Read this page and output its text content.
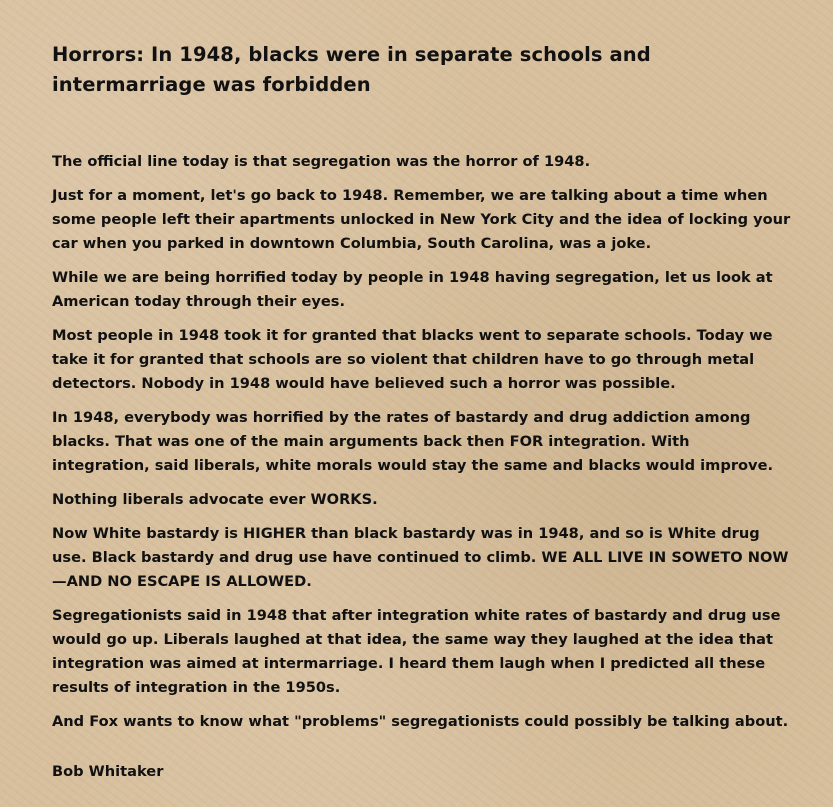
Horrors: In 1948, blacks were in separate schools and intermarriage was forbidden

The official line today is that segregation was the horror of 1948.

Just for a moment, let's go back to 1948. Remember, we are talking about a time when some people left their apartments unlocked in New York City and the idea of locking your car when you parked in downtown Columbia, South Carolina, was a joke.

While we are being horrified today by people in 1948 having segregation, let us look at American today through their eyes.

Most people in 1948 took it for granted that blacks went to separate schools. Today we take it for granted that schools are so violent that children have to go through metal detectors. Nobody in 1948 would have believed such a horror was possible.

In 1948, everybody was horrified by the rates of bastardy and drug addiction among blacks. That was one of the main arguments back then FOR integration. With integration, said liberals, white morals would stay the same and blacks would improve.

Nothing liberals advocate ever WORKS.

Now White bastardy is HIGHER than black bastardy was in 1948, and so is White drug use. Black bastardy and drug use have continued to climb. WE ALL LIVE IN SOWETO NOW—AND NO ESCAPE IS ALLOWED.

Segregationists said in 1948 that after integration white rates of bastardy and drug use would go up. Liberals laughed at that idea, the same way they laughed at the idea that integration was aimed at intermarriage. I heard them laugh when I predicted all these results of integration in the 1950s.

And Fox wants to know what "problems" segregationists could possibly be talking about.

Bob Whitaker
